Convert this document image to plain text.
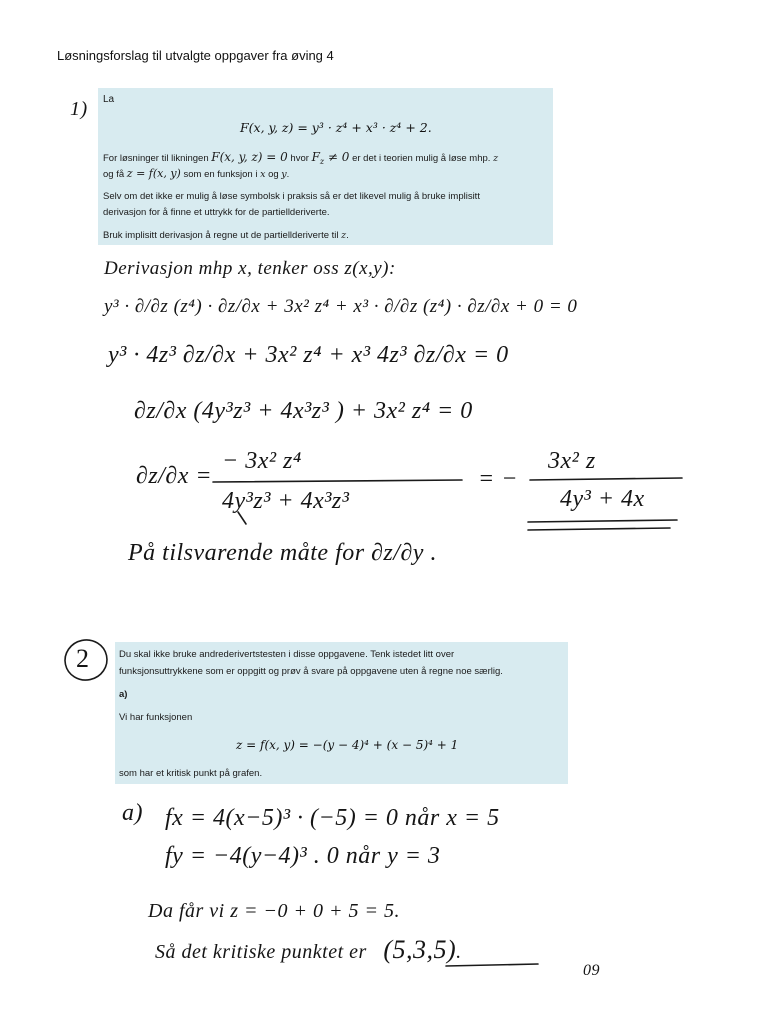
Løsningsforslag til utvalgte oppgaver fra øving 4
1) La
F(x, y, z) = y³ · z⁴ + x³ · z⁴ + 2.
For løsninger til likningen F(x, y, z) = 0 hvor $F_z \ne 0$ er det i teorien mulig å løse mhp. z
og få z = f(x, y) som en funksjon i x og y.
Selv om det ikke er mulig å løse symbolsk i praksis så er det likevel mulig å bruke implisitt
derivasjon for å finne et uttrykk for de partiellderiverte.
Bruk implisitt derivasjon å regne ut de partiellderiverte til z.
Derivasjon mhp x, tenker oss z(x,y):
y³ · ∂/∂z (z⁴) · ∂z/∂x + 3x² z⁴ + x³ · ∂/∂z (z⁴) · ∂z/∂x + 0 = 0
y³ · 4z³ ∂z/∂x + 3x² z⁴ + x³ 4z³ ∂z/∂x = 0
∂z/∂x (4y³z³ + 4x³z³ ) + 3x² z⁴ = 0
∂z/∂x =
− 3x² z⁴
4y³z³ + 4x³z³
= −
3x² z
4y³ + 4x
På tilsvarende måte for ∂z/∂y .
2	Du skal ikke bruke andrederivertstesten i disse oppgavene. Tenk istedet litt over
funksjonsuttrykkene som er oppgitt og prøv å svare på oppgavene uten å regne noe særlig.
a)
Vi har funksjonen
z = f(x, y) = −(y − 4)⁴ + (x − 5)⁴ + 1
som har et kritisk punkt på grafen.
a) fx = 4(x−5)³ · (−5) = 0 når x = 5
fy = −4(y−4)³ . 0 når y = 3
Da får vi z = −0 + 0 + 5 = 5.
Så det kritiske punktet er (5,3,5).
09
